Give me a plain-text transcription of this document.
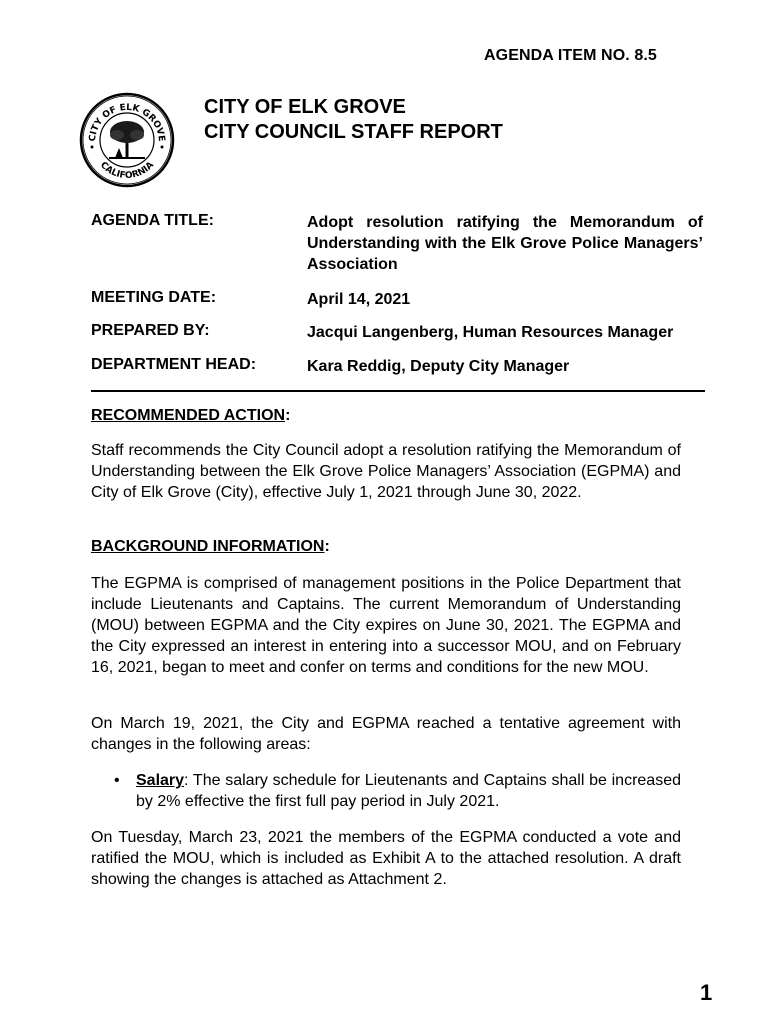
AGENDA ITEM NO. 8.5
CITY OF ELK GROVE
CALIFORNIA
CITY OF ELK GROVE
CITY COUNCIL STAFF REPORT
AGENDA TITLE:	Adopt resolution ratifying the Memorandum of Understanding with the Elk Grove Police Managers’ Association
MEETING DATE:	April 14, 2021
PREPARED BY:	Jacqui Langenberg, Human Resources Manager
DEPARTMENT HEAD:	Kara Reddig, Deputy City Manager
RECOMMENDED ACTION:
Staff recommends the City Council adopt a resolution ratifying the Memorandum of Understanding between the Elk Grove Police Managers’ Association (EGPMA) and City of Elk Grove (City), effective July 1, 2021 through June 30, 2022.
BACKGROUND INFORMATION:
The EGPMA is comprised of management positions in the Police Department that include Lieutenants and Captains. The current Memorandum of Understanding (MOU) between EGPMA and the City expires on June 30, 2021. The EGPMA and the City expressed an interest in entering into a successor MOU, and on February 16, 2021, began to meet and confer on terms and conditions for the new MOU.
On March 19, 2021, the City and EGPMA reached a tentative agreement with changes in the following areas:
• Salary: The salary schedule for Lieutenants and Captains shall be increased by 2% effective the first full pay period in July 2021.
On Tuesday, March 23, 2021 the members of the EGPMA conducted a vote and ratified the MOU, which is included as Exhibit A to the attached resolution. A draft showing the changes is attached as Attachment 2.
1
